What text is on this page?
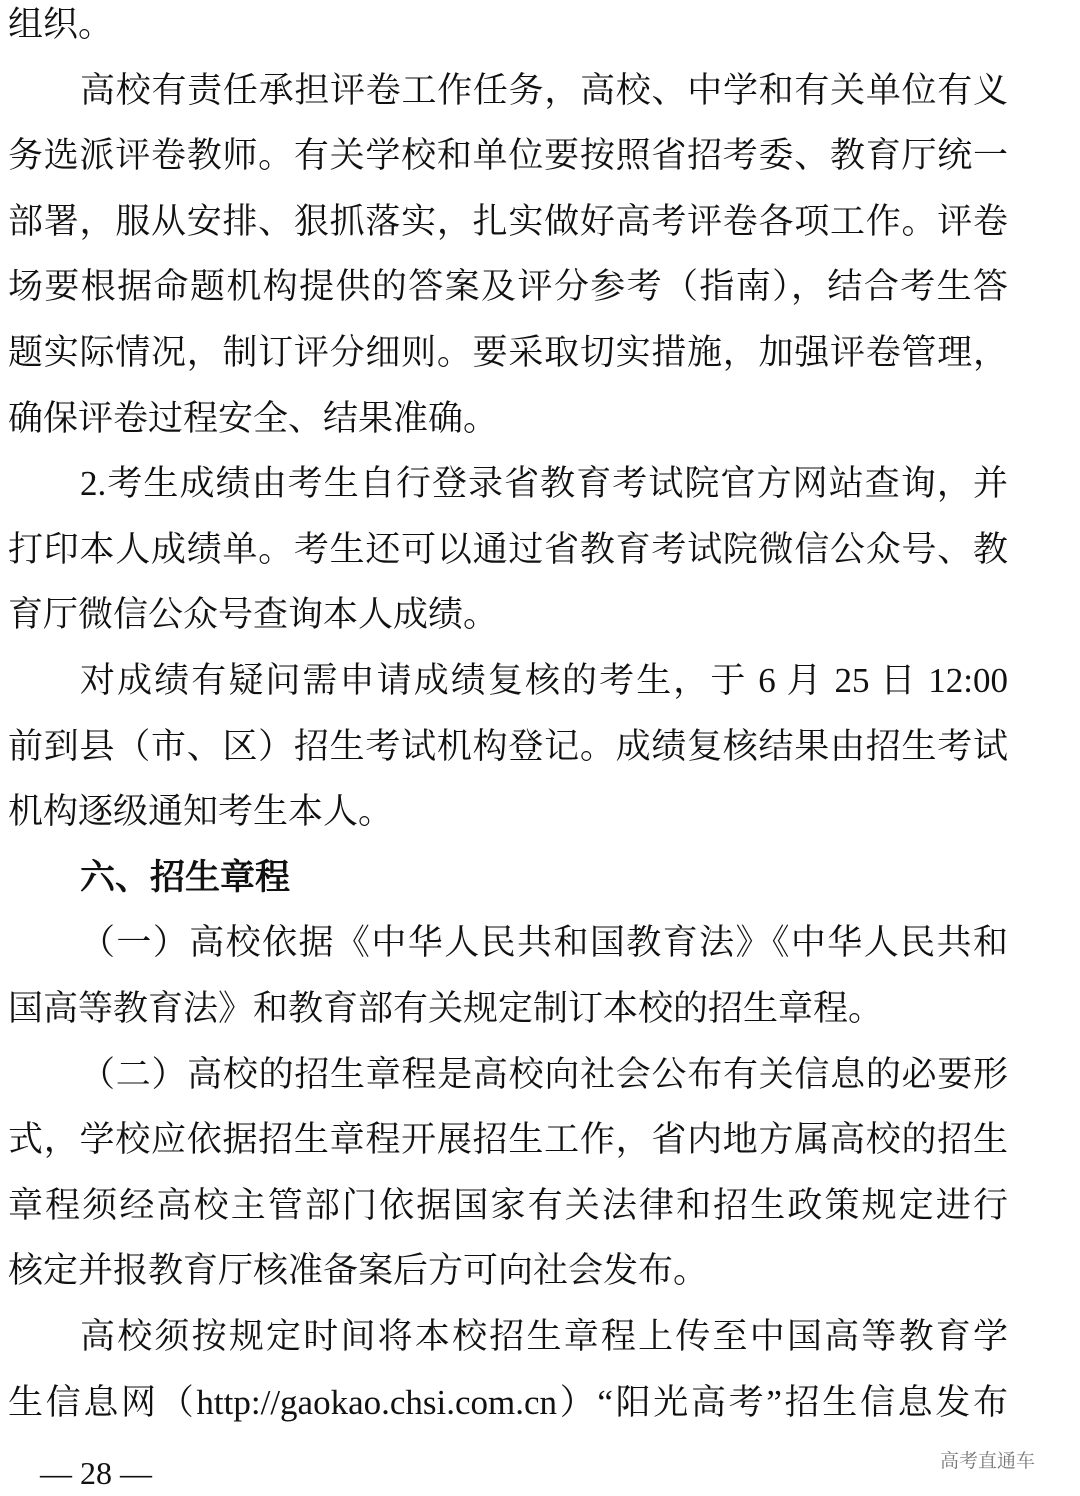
组织。
高校有责任承担评卷工作任务，高校、中学和有关单位有义
务选派评卷教师。有关学校和单位要按照省招考委、教育厅统一
部署，服从安排、狠抓落实，扎实做好高考评卷各项工作。评卷
场要根据命题机构提供的答案及评分参考（指南），结合考生答
题实际情况，制订评分细则。要采取切实措施，加强评卷管理，
确保评卷过程安全、结果准确。
2.考生成绩由考生自行登录省教育考试院官方网站查询，并
打印本人成绩单。考生还可以通过省教育考试院微信公众号、教
育厅微信公众号查询本人成绩。
对成绩有疑问需申请成绩复核的考生，于 6 月 25 日 12:00
前到县（市、区）招生考试机构登记。成绩复核结果由招生考试
机构逐级通知考生本人。
六、招生章程
（一）高校依据《中华人民共和国教育法》《中华人民共和
国高等教育法》和教育部有关规定制订本校的招生章程。
（二）高校的招生章程是高校向社会公布有关信息的必要形
式，学校应依据招生章程开展招生工作，省内地方属高校的招生
章程须经高校主管部门依据国家有关法律和招生政策规定进行
核定并报教育厅核准备案后方可向社会发布。
高校须按规定时间将本校招生章程上传至中国高等教育学
生信息网（http://gaokao.chsi.com.cn）“阳光高考”招生信息发布
— 28 —	高考直通车
